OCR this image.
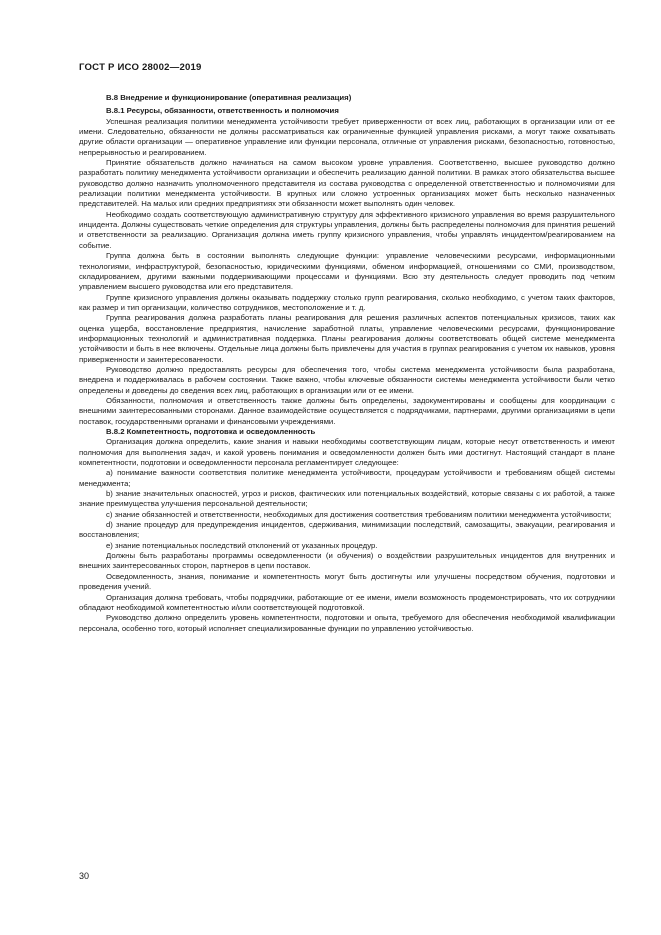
ГОСТ Р ИСО 28002—2019

B.8 Внедрение и функционирование (оперативная реализация)

B.8.1 Ресурсы, обязанности, ответственность и полномочия

Успешная реализация политики менеджмента устойчивости требует приверженности от всех лиц, работающих в организации или от ее имени. Следовательно, обязанности не должны рассматриваться как ограниченные функцией управления рисками, а могут также охватывать другие области организации — оперативное управление или функции персонала, отличные от управления рисками, безопасностью, готовностью, непрерывностью и реагированием.

Принятие обязательств должно начинаться на самом высоком уровне управления. Соответственно, высшее руководство должно разработать политику менеджмента устойчивости организации и обеспечить реализацию данной политики. В рамках этого обязательства высшее руководство должно назначить уполномоченного представителя из состава руководства с определенной ответственностью и полномочиями для реализации политики менеджмента устойчивости. В крупных или сложно устроенных организациях может быть несколько назначенных представителей. На малых или средних предприятиях эти обязанности может выполнять один человек.

Необходимо создать соответствующую административную структуру для эффективного кризисного управления во время разрушительного инцидента. Должны существовать четкие определения для структуры управления, должны быть распределены полномочия для принятия решений и ответственности за реализацию. Организация должна иметь группу кризисного управления, чтобы управлять инцидентом/реагированием на событие.

Группа должна быть в состоянии выполнять следующие функции: управление человеческими ресурсами, информационными технологиями, инфраструктурой, безопасностью, юридическими функциями, обменом информацией, отношениями со СМИ, производством, складированием, другими важными поддерживающими процессами и функциями. Всю эту деятельность следует проводить под четким управлением высшего руководства или его представителя.

Группе кризисного управления должны оказывать поддержку столько групп реагирования, сколько необходимо, с учетом таких факторов, как размер и тип организации, количество сотрудников, местоположение и т. д.

Группа реагирования должна разработать планы реагирования для решения различных аспектов потенциальных кризисов, таких как оценка ущерба, восстановление предприятия, начисление заработной платы, управление человеческими ресурсами, функционирование информационных технологий и административная поддержка. Планы реагирования должны соответствовать общей системе менеджмента устойчивости и быть в нее включены. Отдельные лица должны быть привлечены для участия в группах реагирования с учетом их навыков, уровня приверженности и заинтересованности.

Руководство должно предоставлять ресурсы для обеспечения того, чтобы система менеджмента устойчивости была разработана, внедрена и поддерживалась в рабочем состоянии. Также важно, чтобы ключевые обязанности системы менеджмента устойчивости были четко определены и доведены до сведения всех лиц, работающих в организации или от ее имени.

Обязанности, полномочия и ответственность также должны быть определены, задокументированы и сообщены для координации с внешними заинтересованными сторонами. Данное взаимодействие осуществляется с подрядчиками, партнерами, другими организациями в цепи поставок, государственными органами и финансовыми учреждениями.

B.8.2 Компетентность, подготовка и осведомленность

Организация должна определить, какие знания и навыки необходимы соответствующим лицам, которые несут ответственность и имеют полномочия для выполнения задач, и какой уровень понимания и осведомленности должен быть ими достигнут. Настоящий стандарт в плане компетентности, подготовки и осведомленности персонала регламентирует следующее:

a) понимание важности соответствия политике менеджмента устойчивости, процедурам устойчивости и требованиям общей системы менеджмента;

b) знание значительных опасностей, угроз и рисков, фактических или потенциальных воздействий, которые связаны с их работой, а также знание преимущества улучшения персональной деятельности;

c) знание обязанностей и ответственности, необходимых для достижения соответствия требованиям политики менеджмента устойчивости;

d) знание процедур для предупреждения инцидентов, сдерживания, минимизации последствий, самозащиты, эвакуации, реагирования и восстановления;

e) знание потенциальных последствий отклонений от указанных процедур.

Должны быть разработаны программы осведомленности (и обучения) о воздействии разрушительных инцидентов для внутренних и внешних заинтересованных сторон, партнеров в цепи поставок.

Осведомленность, знания, понимание и компетентность могут быть достигнуты или улучшены посредством обучения, подготовки и проведения учений.

Организация должна требовать, чтобы подрядчики, работающие от ее имени, имели возможность продемонстрировать, что их сотрудники обладают необходимой компетентностью и/или соответствующей подготовкой.

Руководство должно определить уровень компетентности, подготовки и опыта, требуемого для обеспечения необходимой квалификации персонала, особенно того, который исполняет специализированные функции по управлению устойчивостью.

30
